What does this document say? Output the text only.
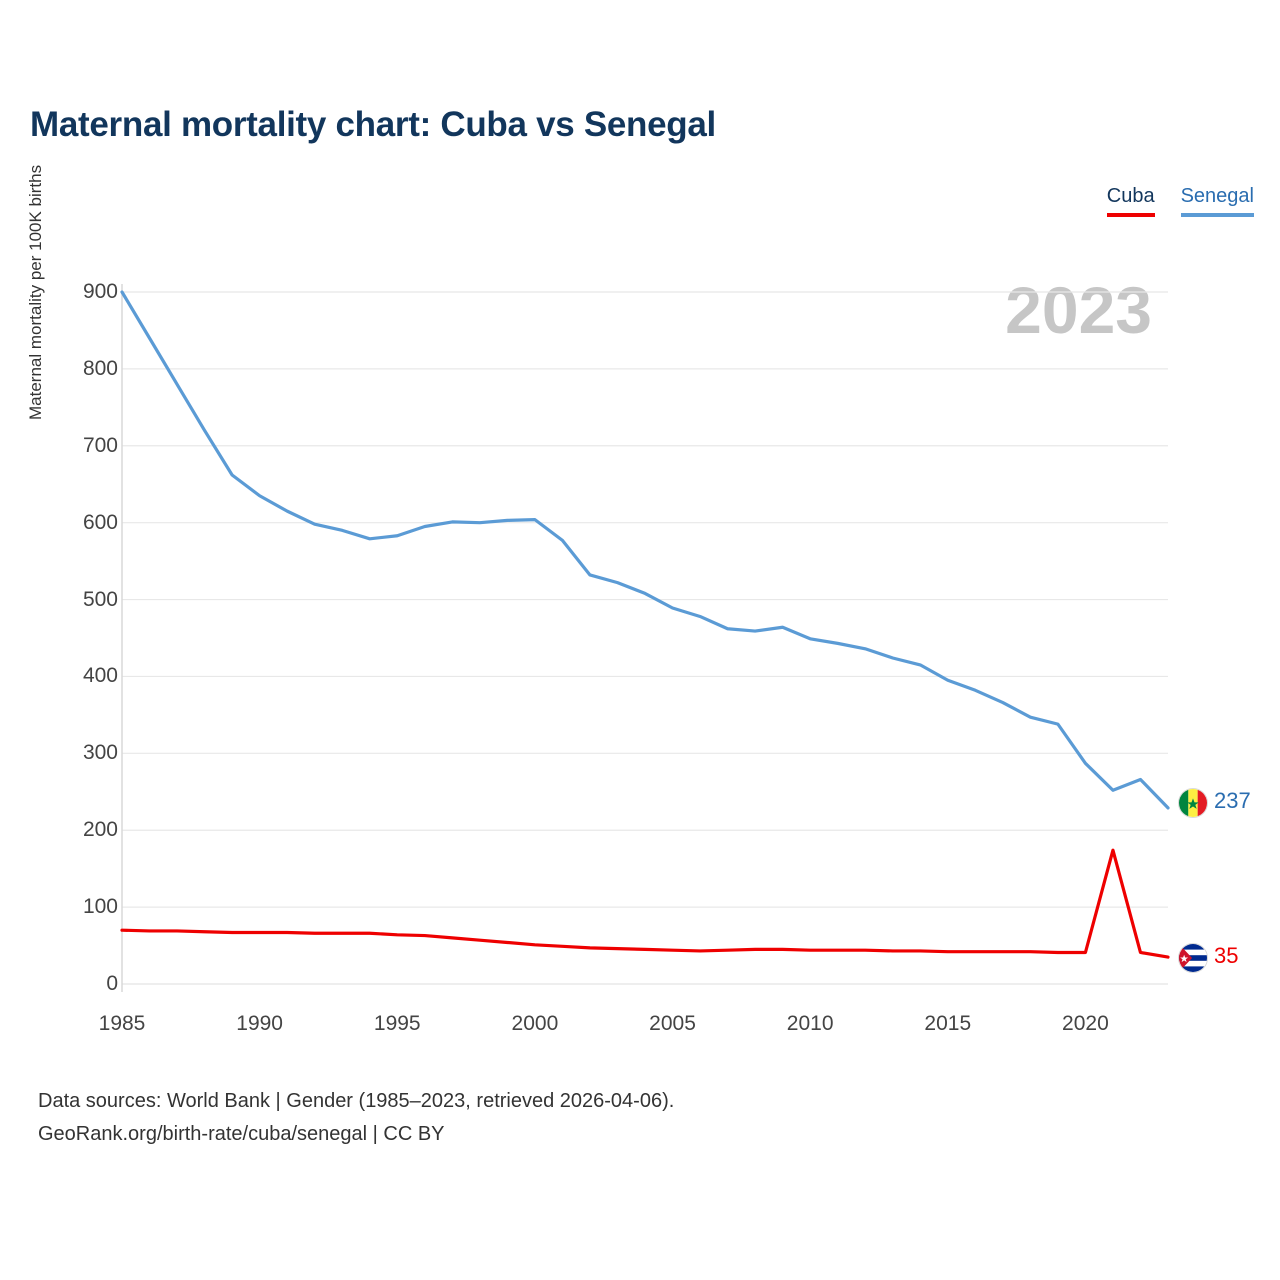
Maternal mortality chart: Cuba vs Senegal
Cuba Senegal
2023
Maternal mortality per 100K births
0
100
200
300
400
500
600
700
800
900
1985	1990	1995	2000	2005	2010	2015	2020
237
35
Data sources: World Bank | Gender (1985–2023, retrieved 2026-04-06).
GeoRank.org/birth-rate/cuba/senegal | CC BY
